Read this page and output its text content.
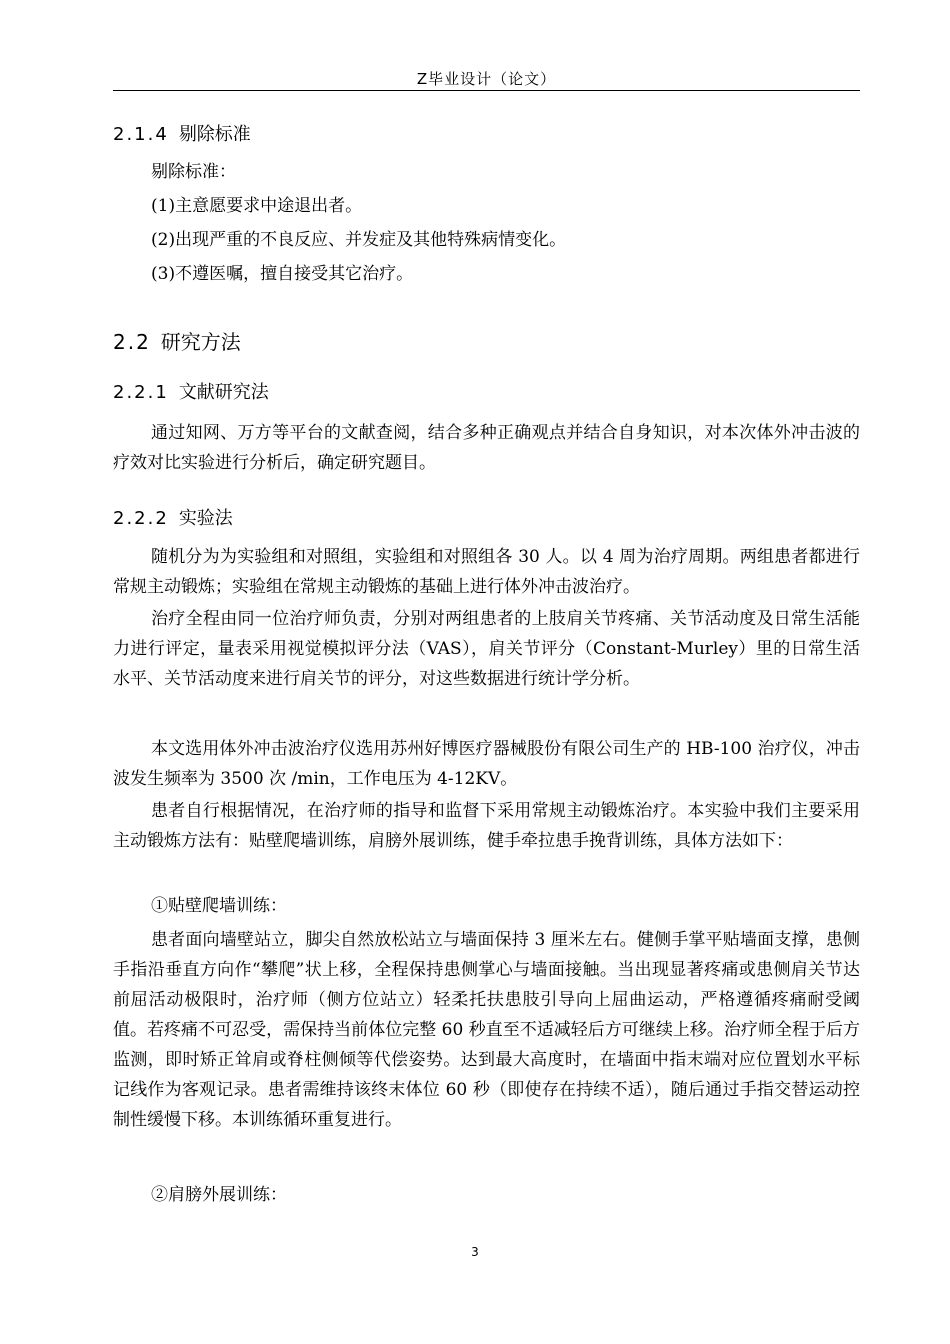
Z毕业设计（论文）
2.1.4 剔除标准

剔除标准：

(1)主意愿要求中途退出者。

(2)出现严重的不良反应、并发症及其他特殊病情变化。

(3)不遵医嘱，擅自接受其它治疗。

2.2 研究方法
2.2.1 文献研究法

通过知网、万方等平台的文献查阅，结合多种正确观点并结合自身知识，对本次体外冲击波的疗效对比实验进行分析后，确定研究题目。

2.2.2 实验法

随机分为为实验组和对照组，实验组和对照组各 30 人。以 4 周为治疗周期。两组患者都进行常规主动锻炼；实验组在常规主动锻炼的基础上进行体外冲击波治疗。

治疗全程由同一位治疗师负责，分别对两组患者的上肢肩关节疼痛、关节活动度及日常生活能力进行评定，量表采用视觉模拟评分法（VAS），肩关节评分（Constant-Murley）里的日常生活水平、关节活动度来进行肩关节的评分，对这些数据进行统计学分析。

本文选用体外冲击波治疗仪选用苏州好博医疗器械股份有限公司生产的 HB-100 治疗仪，冲击波发生频率为 3500 次 /min，工作电压为 4-12KV。

患者自行根据情况，在治疗师的指导和监督下采用常规主动锻炼治疗。本实验中我们主要采用主动锻炼方法有：贴壁爬墙训练，肩膀外展训练，健手牵拉患手挽背训练，具体方法如下：

①贴壁爬墙训练：

患者面向墙壁站立，脚尖自然放松站立与墙面保持 3 厘米左右。健侧手掌平贴墙面支撑，患侧手指沿垂直方向作“攀爬”状上移，全程保持患侧掌心与墙面接触。当出现显著疼痛或患侧肩关节达前屈活动极限时，治疗师（侧方位站立）轻柔托扶患肢引导向上屈曲运动，严格遵循疼痛耐受阈值。若疼痛不可忍受，需保持当前体位完整 60 秒直至不适减轻后方可继续上移。治疗师全程于后方监测，即时矫正耸肩或脊柱侧倾等代偿姿势。达到最大高度时，在墙面中指末端对应位置划水平标记线作为客观记录。患者需维持该终末体位 60 秒（即使存在持续不适），随后通过手指交替运动控制性缓慢下移。本训练循环重复进行。

②肩膀外展训练：

3
